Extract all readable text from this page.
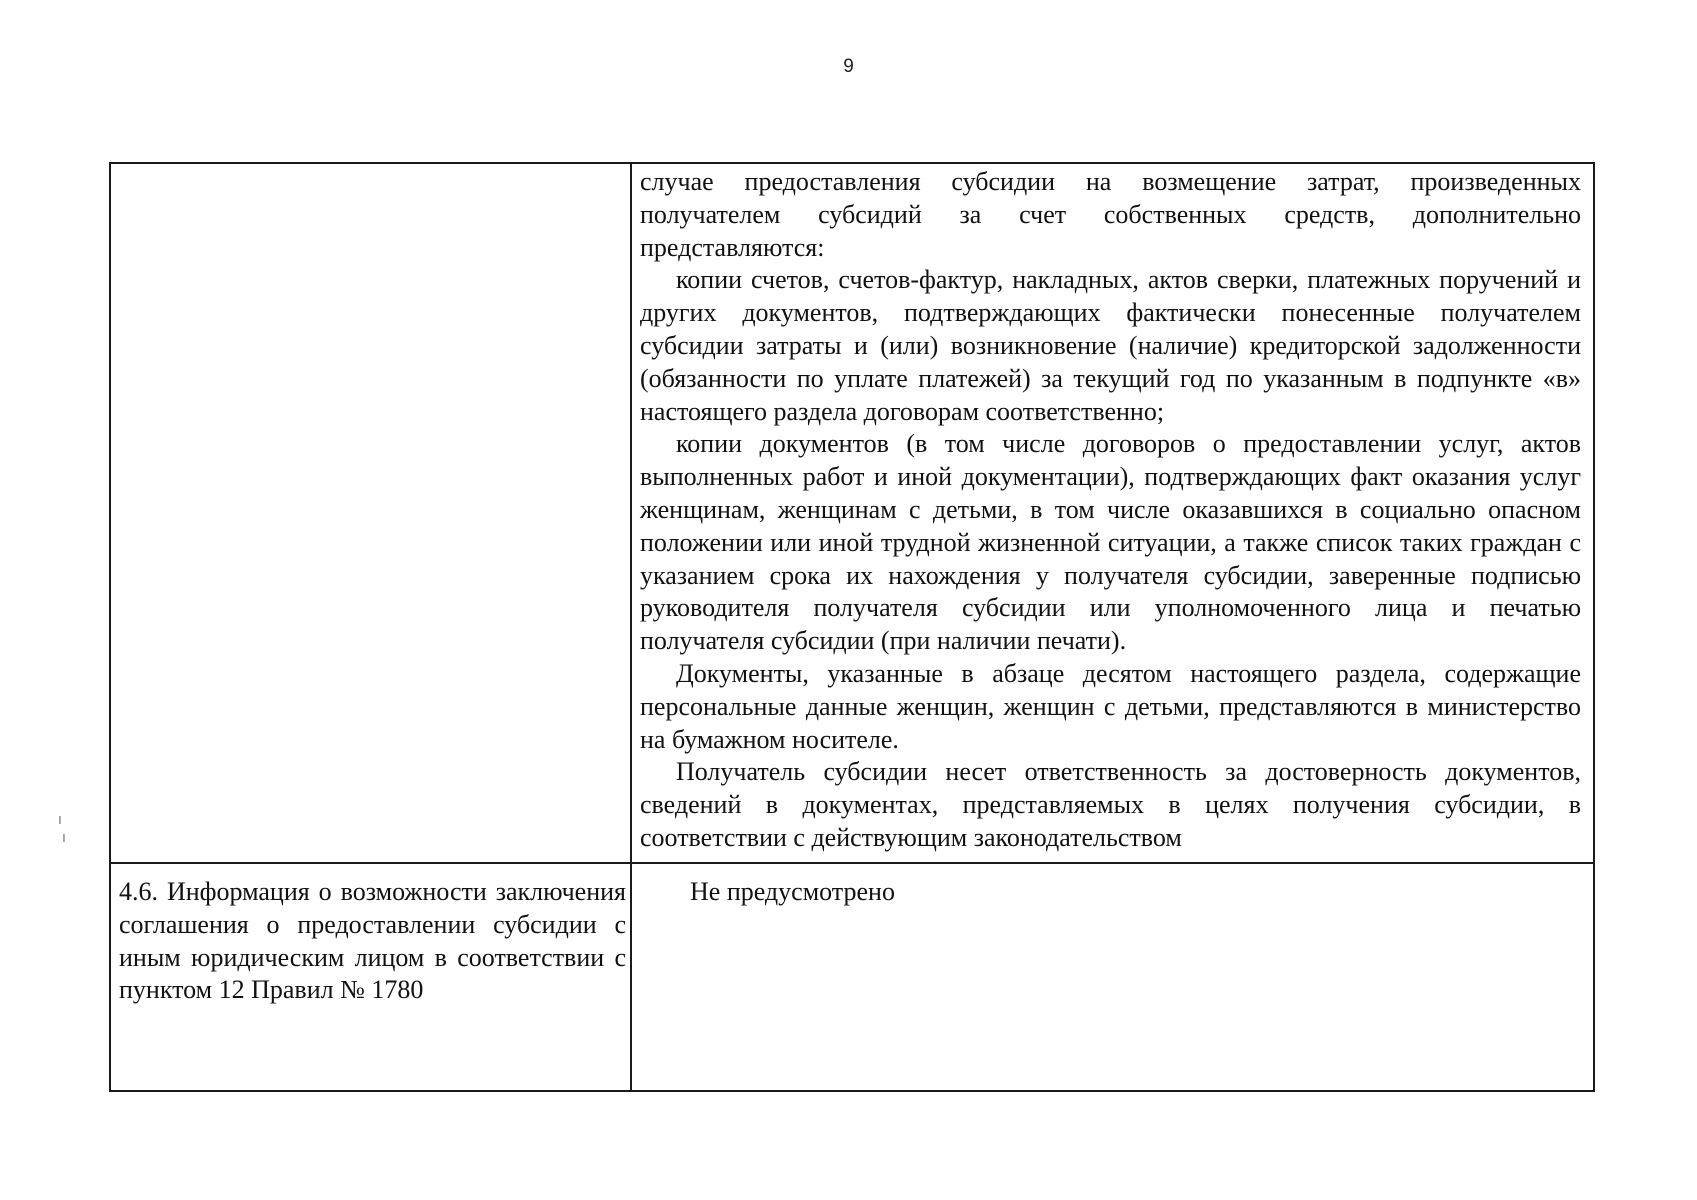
9

	случае предоставления субсидии на возмещение затрат, произведенных получателем субсидий за счет собственных средств, дополнительно представляются:

копии счетов, счетов-фактур, накладных, актов сверки, платежных поручений и других документов, подтверждающих фактически понесенные получателем субсидии затраты и (или) возникновение (наличие) кредиторской задолженности (обязанности по уплате платежей) за текущий год по указанным в подпункте «в» настоящего раздела договорам соответственно;

копии документов (в том числе договоров о предоставлении услуг, актов выполненных работ и иной документации), подтверждающих факт оказания услуг женщинам, женщинам с детьми, в том числе оказавшихся в социально опасном положении или иной трудной жизненной ситуации, а также список таких граждан с указанием срока их нахождения у получателя субсидии, заверенные подписью руководителя получателя субсидии или уполномоченного лица и печатью получателя субсидии (при наличии печати).

Документы, указанные в абзаце десятом настоящего раздела, содержащие персональные данные женщин, женщин с детьми, представляются в министерство на бумажном носителе.

Получатель субсидии несет ответственность за достоверность документов, сведений в документах, представляемых в целях получения субсидии, в соответствии с действующим законодательством

4.6. Информация о возможности заключения соглашения о предоставлении субсидии с иным юридическим лицом в соответствии с пунктом 12 Правил № 1780	Не предусмотрено

ı
ı
